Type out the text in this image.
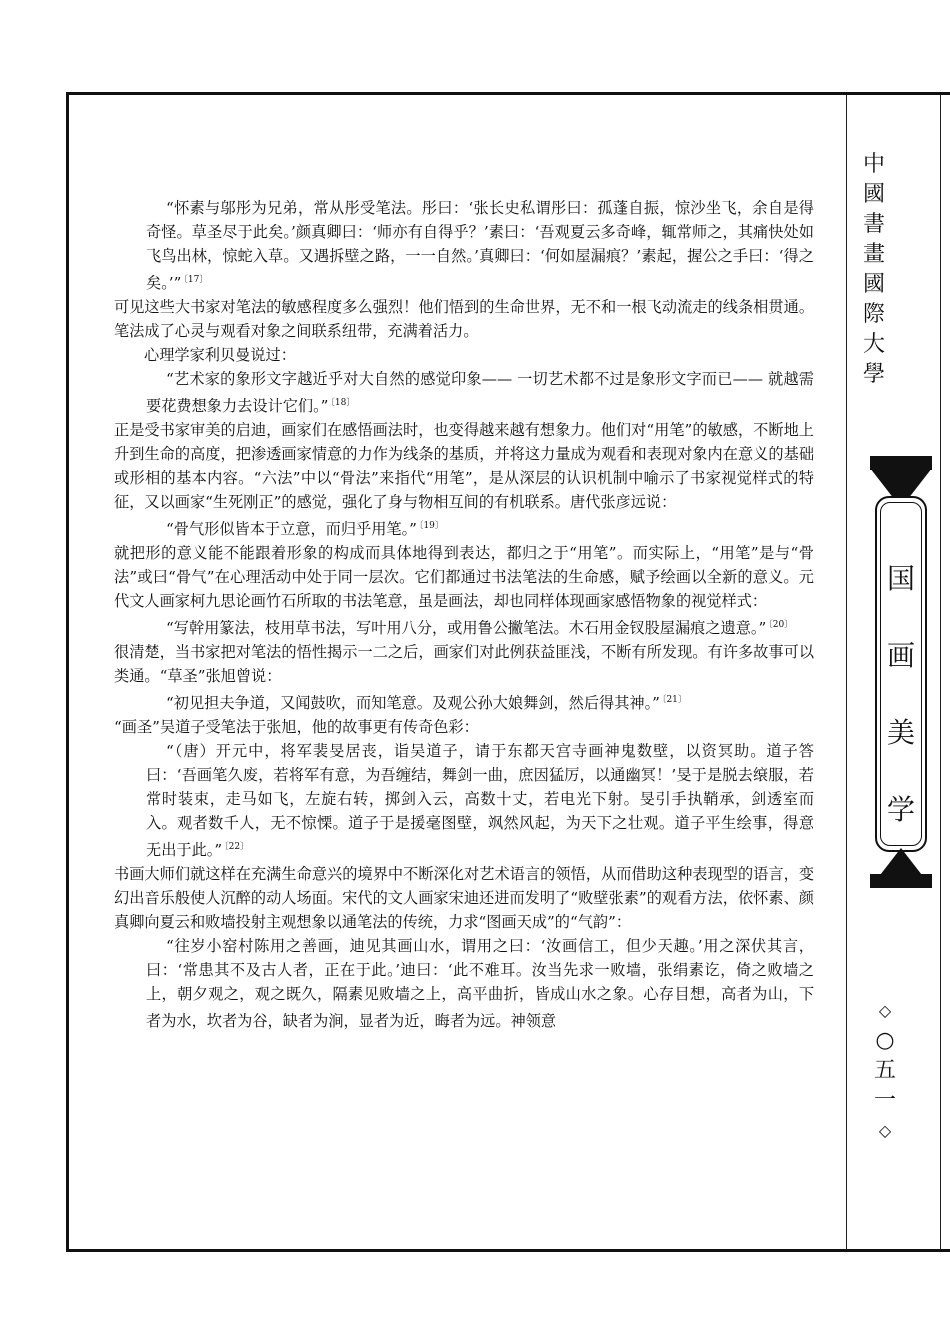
“怀素与邬彤为兄弟，常从彤受笔法。彤曰：‘张长史私谓彤曰：孤蓬自振，惊沙坐飞，余自是得奇怪。草圣尽于此矣。’颜真卿曰：‘师亦有自得乎？’素曰：‘吾观夏云多奇峰，辄常师之，其痛快处如飞鸟出林，惊蛇入草。又遇拆壁之路，一一自然。’真卿曰：‘何如屋漏痕？’素起，握公之手曰：‘得之矣。’” $^{〔17〕}$

可见这些大书家对笔法的敏感程度多么强烈！他们悟到的生命世界，无不和一根飞动流走的线条相贯通。笔法成了心灵与观看对象之间联系纽带，充满着活力。

心理学家利贝曼说过：

“艺术家的象形文字越近乎对大自然的感觉印象—— 一切艺术都不过是象形文字而已—— 就越需要花费想象力去设计它们。” $^{〔18〕}$

正是受书家审美的启迪，画家们在感悟画法时，也变得越来越有想象力。他们对“用笔”的敏感，不断地上升到生命的高度，把渗透画家情意的力作为线条的基质，并将这力量成为观看和表现对象内在意义的基础或形相的基本内容。“六法”中以“骨法”来指代“用笔”，是从深层的认识机制中喻示了书家视觉样式的特征，又以画家“生死刚正”的感觉，强化了身与物相互间的有机联系。唐代张彦远说：

“骨气形似皆本于立意，而归乎用笔。” $^{〔19〕}$

就把形的意义能不能跟着形象的构成而具体地得到表达，都归之于“用笔”。而实际上，“用笔”是与“骨法”或曰“骨气”在心理活动中处于同一层次。它们都通过书法笔法的生命感，赋予绘画以全新的意义。元代文人画家柯九思论画竹石所取的书法笔意，虽是画法，却也同样体现画家感悟物象的视觉样式：

“写幹用篆法，枝用草书法，写叶用八分，或用鲁公撇笔法。木石用金钗股屋漏痕之遗意。” $^{〔20〕}$

很清楚，当书家把对笔法的悟性揭示一二之后，画家们对此例获益匪浅，不断有所发现。有许多故事可以类通。“草圣”张旭曾说：

“初见担夫争道，又闻鼓吹，而知笔意。及观公孙大娘舞剑，然后得其神。” $^{〔21〕}$

“画圣”吴道子受笔法于张旭，他的故事更有传奇色彩：

“（唐）开元中，将军裴旻居丧，诣吴道子，请于东都天宫寺画神鬼数壁，以资冥助。道子答曰：‘吾画笔久废，若将军有意，为吾缠结，舞剑一曲，庶因猛厉，以通幽冥！’旻于是脱去缞服，若常时装束，走马如飞，左旋右转，掷剑入云，高数十丈，若电光下射。旻引手执鞘承，剑透室而入。观者数千人，无不惊慄。道子于是援毫图壁，飒然风起，为天下之壮观。道子平生绘事，得意无出于此。” $^{〔22〕}$

书画大师们就这样在充满生命意兴的境界中不断深化对艺术语言的领悟，从而借助这种表现型的语言，变幻出音乐般使人沉醉的动人场面。宋代的文人画家宋迪还进而发明了“败壁张素”的观看方法，依怀素、颜真卿向夏云和败墙投射主观想象以通笔法的传统，力求“图画天成”的“气韵”：

“往岁小窑村陈用之善画，迪见其画山水，谓用之曰：‘汝画信工，但少天趣。’用之深伏其言，曰：‘常患其不及古人者，正在于此。’迪曰：‘此不难耳。汝当先求一败墙，张绢素讫，倚之败墙之上，朝夕观之，观之既久，隔素见败墙之上，高平曲折，皆成山水之象。心存目想，高者为山，下者为水，坎者为谷，缺者为涧，显者为近，晦者为远。神领意

中
國
書
畫
國
際
大
學
国
画
美
学
◇
○
五
一
◇
